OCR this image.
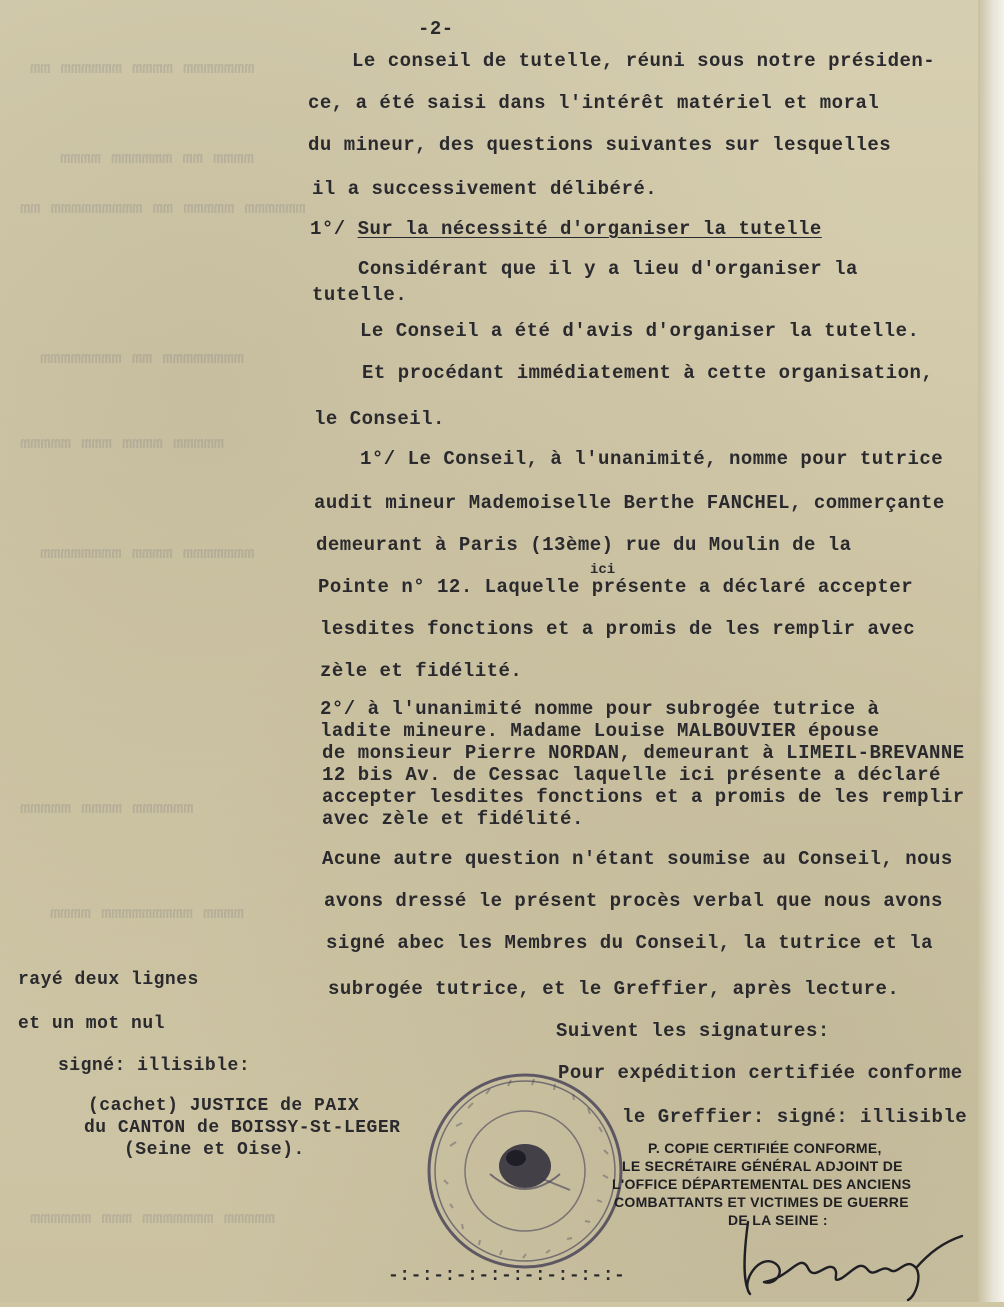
mmmmmmm mmmm mmmmmm mm
mmmm mm mmmmmm mmmm
mmmmmm mmmmm mm mmmmmmmmm mm
mmmmmmmm mm mmmmmmmm
mmmmm mmmm mmm mmmmm
mmmmmmm mmmm mmmmmmmm
mmmmmm mmmm mmmmm
mmmm mmmmmmmmm mmmm
mmmmm mmmmmmm mmm mmmmmm
-2-
Le conseil de tutelle, réuni sous notre présiden-
ce, a été saisi dans l'intérêt matériel et moral
du mineur, des questions suivantes sur lesquelles
il a successivement délibéré.
1°/ Sur la nécessité d'organiser la tutelle
Considérant que il y a lieu d'organiser la
tutelle.
Le Conseil a été d'avis d'organiser la tutelle.
Et procédant immédiatement à cette organisation,
le Conseil.
1°/ Le Conseil, à l'unanimité, nomme pour tutrice
audit mineur Mademoiselle Berthe FANCHEL, commerçante
demeurant à Paris (13ème) rue du Moulin de la
ici
Pointe n° 12. Laquelle présente a déclaré accepter
lesdites fonctions et a promis de les remplir avec
zèle et fidélité.
2°/ à l'unanimité nomme pour subrogée tutrice à
ladite mineure. Madame Louise MALBOUVIER épouse
de monsieur Pierre NORDAN, demeurant à LIMEIL-BREVANNE
12 bis Av. de Cessac laquelle ici présente a déclaré
accepter lesdites fonctions et a promis de les remplir
avec zèle et fidélité.
Acune autre question n'étant soumise au Conseil, nous
avons dressé le présent procès verbal que nous avons
signé abec les Membres du Conseil, la tutrice et la
subrogée tutrice, et le Greffier, après lecture.
Suivent les signatures:
Pour expédition certifiée conforme
le Greffier: signé: illisible
rayé deux lignes
et un mot nul
signé: illisible:
(cachet) JUSTICE de PAIX
du CANTON de BOISSY-St-LEGER
(Seine et Oise).	P. COPIE CERTIFIÉE CONFORME,
LE SECRÉTAIRE GÉNÉRAL ADJOINT DE
L'OFFICE DÉPARTEMENTAL DES ANCIENS
COMBATTANTS ET VICTIMES DE GUERRE
DE LA SEINE :
-:-:-:-:-:-:-:-:-:-:-
